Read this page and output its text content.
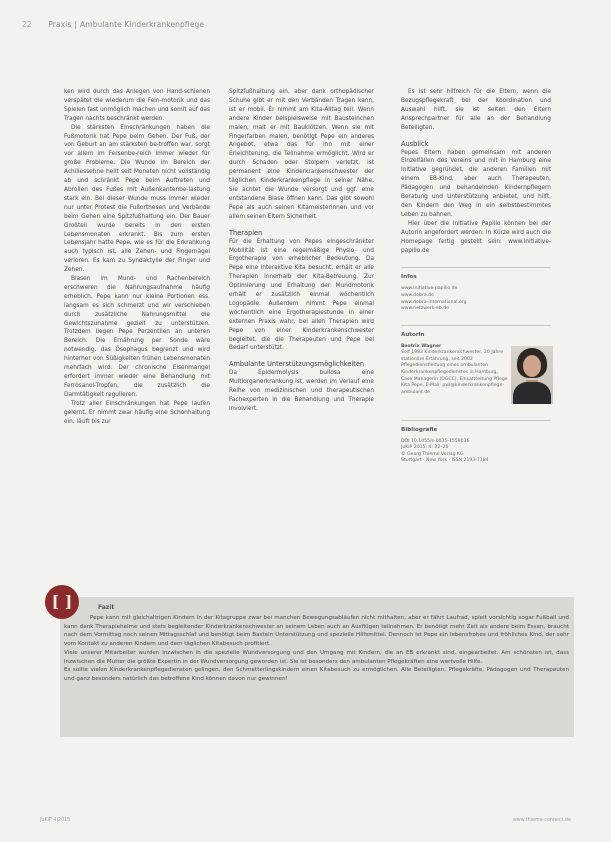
22 Praxis | Ambulante Kinderkrankenpflege

ken wird durch das Anlegen von Hand-schienen verspätet die wiederum die Fein-motorik und das Spielen fast unmöglich machen und somit auf das Tragen nachts beschränkt werden.

Die stärksten Einschränkungen haben die Fußmotorik hat Pepe beim Gehen. Der Fuß, der von Geburt an am stärksten be-troffen war, sorgt vor allem im Fersenbe-reich immer wieder für große Probleme. Die Wunde im Bereich der Achillessehne heilt seit Monaten nicht vollständig ab und schränkt Pepe beim Auftreten und Abrollen des Fußes mit Außenkantenbe-lastung stark ein. Bei dieser Wunde muss immer wieder nur unter Protest die Fußorthesen und Verbände beim Gehen eine Spitzfußhaltung ein. Der Bauer Großteil wurde bereits in den ersten Lebensmonaten erkrankt. Bis zum ersten Lebensjahr hatte Pepe, wie es für die Erkrankung auch typisch ist, alle Zehen- und Fingernägel verloren. Es kam zu Syndaktylie der Finger und Zehen.

Blasen im Mund- und Rachenbereich erschweren die Nahrungsaufnahme häufig erheblich. Pepe kann nur kleine Portionen ess. langsam es sich schmerzt und wir verschieben durch zusätzliche Nahrungsmittel die Gewichtszunahme gezielt zu unterstützen. Trotzdem liegen Pepe Perzentilen an unteren Bereich. Die Ernährung per Sonde wäre notwendig, das Ösophagus begrenzt und wird hinterher von Süßigkeiten frühen Lebensmonaten mehrfach wird. Der chronische Eisenmangel erfordert immer wieder eine Behandlung mit Ferrosanol-Tropfen, die zusätzlich die Darmtätigkeit regulieren.

Trotz aller Einschränkungen hat Pepe laufen gelernt. Er nimmt zwar häufig eine Schonhaltung ein, läuft bis zur

Spitzfußhaltung ein, aber dank orthopädischer Schuhe gibt er mit den Verbänden Tragen kann, ist er mobil. Er nimmt am Kita-Alltag teil. Wenn andere Kinder beispielsweise mit Bausteinchen malen, malt er mit Bauklötzen. Wenn sie mit Fingerfarben malen, benötigt Pepe ein anderes Angebot, etwa das für ihn mit einer Erleichterung, die Teilnahme ermöglicht. Wird er durch Schaden oder Stolpern verletzt, ist permanent eine Kinderkrankenschwester der täglichen Kinderkrankenpflege in seiner Nähe. Sie achtet die Wunde versorgt und ggf. eine entstandene Blase öffnen kann. Das gibt sowohl Pepe als auch seinen Kitameisterinnen und vor allem seinen Eltern Sicherheit.

Therapien

Für die Erhaltung von Pepes eingeschränkter Mobilität ist eine regelmäßige Physio- und Ergotherapie von erheblicher Bedeutung. Da Pepe eine interaktive Kita besucht, erhält er alle Therapien innerhalb der Kita-Betreuung. Zur Optimierung und Erhaltung der Mundmotorik erhält er zusätzlich einmal wöchentlich Logopädie. Außerdem nimmt Pepe einmal wöchentlich eine Ergotherapiestunde in einer externen Praxis wahr, bei allen Therapien wird Pepe von einer Kinderkrankenschwester begleitet, die die Therapeuten und Pepe bei Bedarf unterstützt.

Ambulante Unterstützungsmöglichkeiten

Da Epidermolysis bullosa eine Multiorganerkrankung ist, werden im Verlauf eine Reihe von medizinischen und therapeutischen Fachexperten in die Behandlung und Therapie involviert.

Es ist sehr hilfreich für die Eltern, wenn die Bezugspflegekraft bei der Koordination und Auswahl hilft, sie ist selten den Eltern Ansprechpartner für alle an der Behandlung Beteiligten.

Ausblick

Pepes Eltern haben gemeinsam mit anderen Einzelfällen des Vereins und mit in Hamburg eine Initiative gegründet, die anderen Familien mit einem EB-Kind, aber auch Therapeuten, Pädagogen und behandelnden Kindernpflegern Beratung und Unterstützung anbietet, und hilft, den Kindern den Weg in ein selbstbestimmtes Leben zu bahnen.

Hier über die Initiative Papilio können bei der Autorin angefordert werden. In Kürze wird auch die Homepage fertig gestellt sein: www.initiative-papilio.de

Infos
www.initiative-papilio.de
www.debra.de
www.debra-international.org
www.netzwerk-eb.de
Autorin
Beatrix Wagner
Seit 1983 Kinderkrankenschwester, 20 Jahre stationäre Erfahrung, seit 2002 Pflegedienstleitung eines ambulanten Kinderkrankenpflegedienstes in Hamburg, Case Managerin (DGCC), Einsatzleitung Pflege Kita Pepe, E-Mail: pwl@kinderkrankenpflege-ambulant.de
Bibliografie
DOI 10.1055/s-0035-1559036
JuKiP 2015; 4: 22–26
© Georg Thieme Verlag KG
Stuttgart · New York · ISSN 2193-7184
[ ]	Fazit

Pepe kann mit gleichaltrigen Kindern in der Kitagruppe zwar bei manchen Bewegungsabläufen nicht mithalten, aber er fährt Laufrad, spielt vorsichtig sogar Fußball und kann dank Therapiehelme und stets begleitender Kinderkrankenschwester an seinem Leben auch an Ausflügen teilnehmen. Er benötigt mehr Zeit als andere beim Essen, braucht nach dem Vormittag noch seinen Mittagsschlaf und benötigt beim Basteln Unterstützung und spezielle Hilfsmittel. Dennoch ist Pepe ein lebensfrohes und fröhliches Kind, der sehr vom Kontakt zu anderen Kindern und dem täglichen Kitabesuch profitiert.

Viele unserer Mitarbeiter wurden inzwischen in die spezielle Wundversorgung und den Umgang mit Kindern, die an EB erkrankt sind, eingearbeitet. Am schönsten ist, dass inzwischen die Mutter die größte Expertin in der Wundversorgung geworden ist. Sie ist besonders den ambulanten Pflegekräften eine wertvolle Hilfe.

Es sollte vielen Kinderkrankenpflegediensten gelingen, den Schmetterlingskindern einen Kitabesuch zu ermöglichen. Alle Beteiligten, Pflegekräfte, Pädagogen und Therapeuten und ganz besonders natürlich das betroffene Kind können davon nur gewinnen!

JuKiP 4|2015	www.thieme-connect.de
